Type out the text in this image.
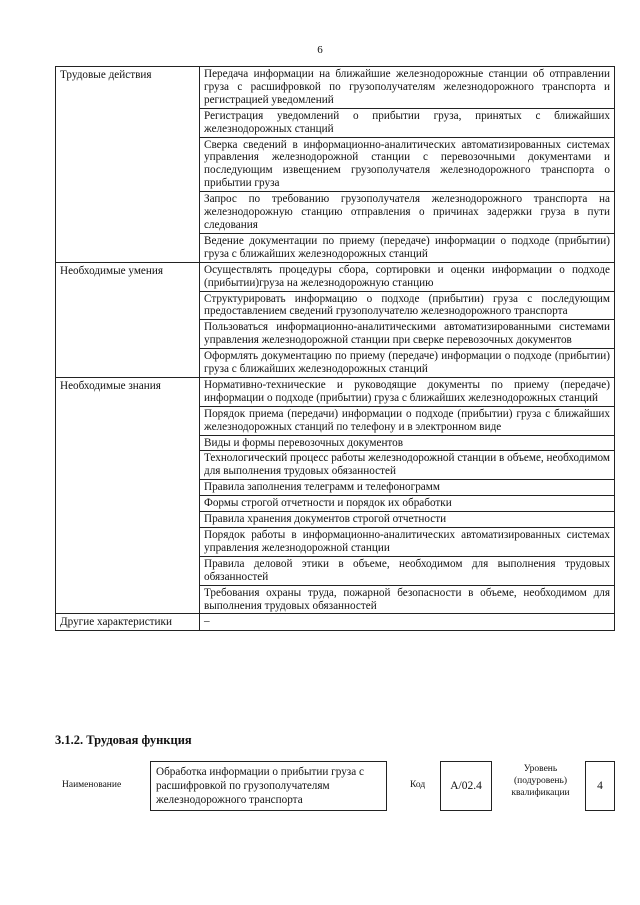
6
Трудовые действия	Передача информации на ближайшие железнодорожные станции об отправлении груза с расшифровкой по грузополучателям железнодорожного транспорта и регистрацией уведомлений
	Регистрация уведомлений о прибытии груза, принятых с ближайших железнодорожных станций
	Сверка сведений в информационно-аналитических автоматизированных системах управления железнодорожной станции с перевозочными документами и последующим извещением грузополучателя железнодорожного транспорта о прибытии груза
	Запрос по требованию грузополучателя железнодорожного транспорта на железнодорожную станцию отправления о причинах задержки груза в пути следования
	Ведение документации по приему (передаче) информации о подходе (прибытии) груза с ближайших железнодорожных станций
Необходимые умения	Осуществлять процедуры сбора, сортировки и оценки информации о подходе (прибытии)груза на железнодорожную станцию
	Структурировать информацию о подходе (прибытии) груза с последующим предоставлением сведений грузополучателю железнодорожного транспорта
	Пользоваться информационно-аналитическими автоматизированными системами управления железнодорожной станции при сверке перевозочных документов
	Оформлять документацию по приему (передаче) информации о подходе (прибытии) груза с ближайших железнодорожных станций
Необходимые знания	Нормативно-технические и руководящие документы по приему (передаче) информации о подходе (прибытии) груза с ближайших железнодорожных станций
	Порядок приема (передачи) информации о подходе (прибытии) груза с ближайших железнодорожных станций по телефону и в электронном виде
	Виды и формы перевозочных документов
	Технологический процесс работы железнодорожной станции в объеме, необходимом для выполнения трудовых обязанностей
	Правила заполнения телеграмм и телефонограмм
	Формы строгой отчетности и порядок их обработки
	Правила хранения документов строгой отчетности
	Порядок работы в информационно-аналитических автоматизированных системах управления железнодорожной станции
	Правила деловой этики в объеме, необходимом для выполнения трудовых обязанностей
	Требования охраны труда, пожарной безопасности в объеме, необходимом для выполнения трудовых обязанностей
Другие характеристики	–
3.1.2. Трудовая функция
Наименование
Обработка информации о прибытии груза с расшифровкой по грузополучателям железнодорожного транспорта
Код	А/02.4
Уровень (подуровень) квалификации
4
